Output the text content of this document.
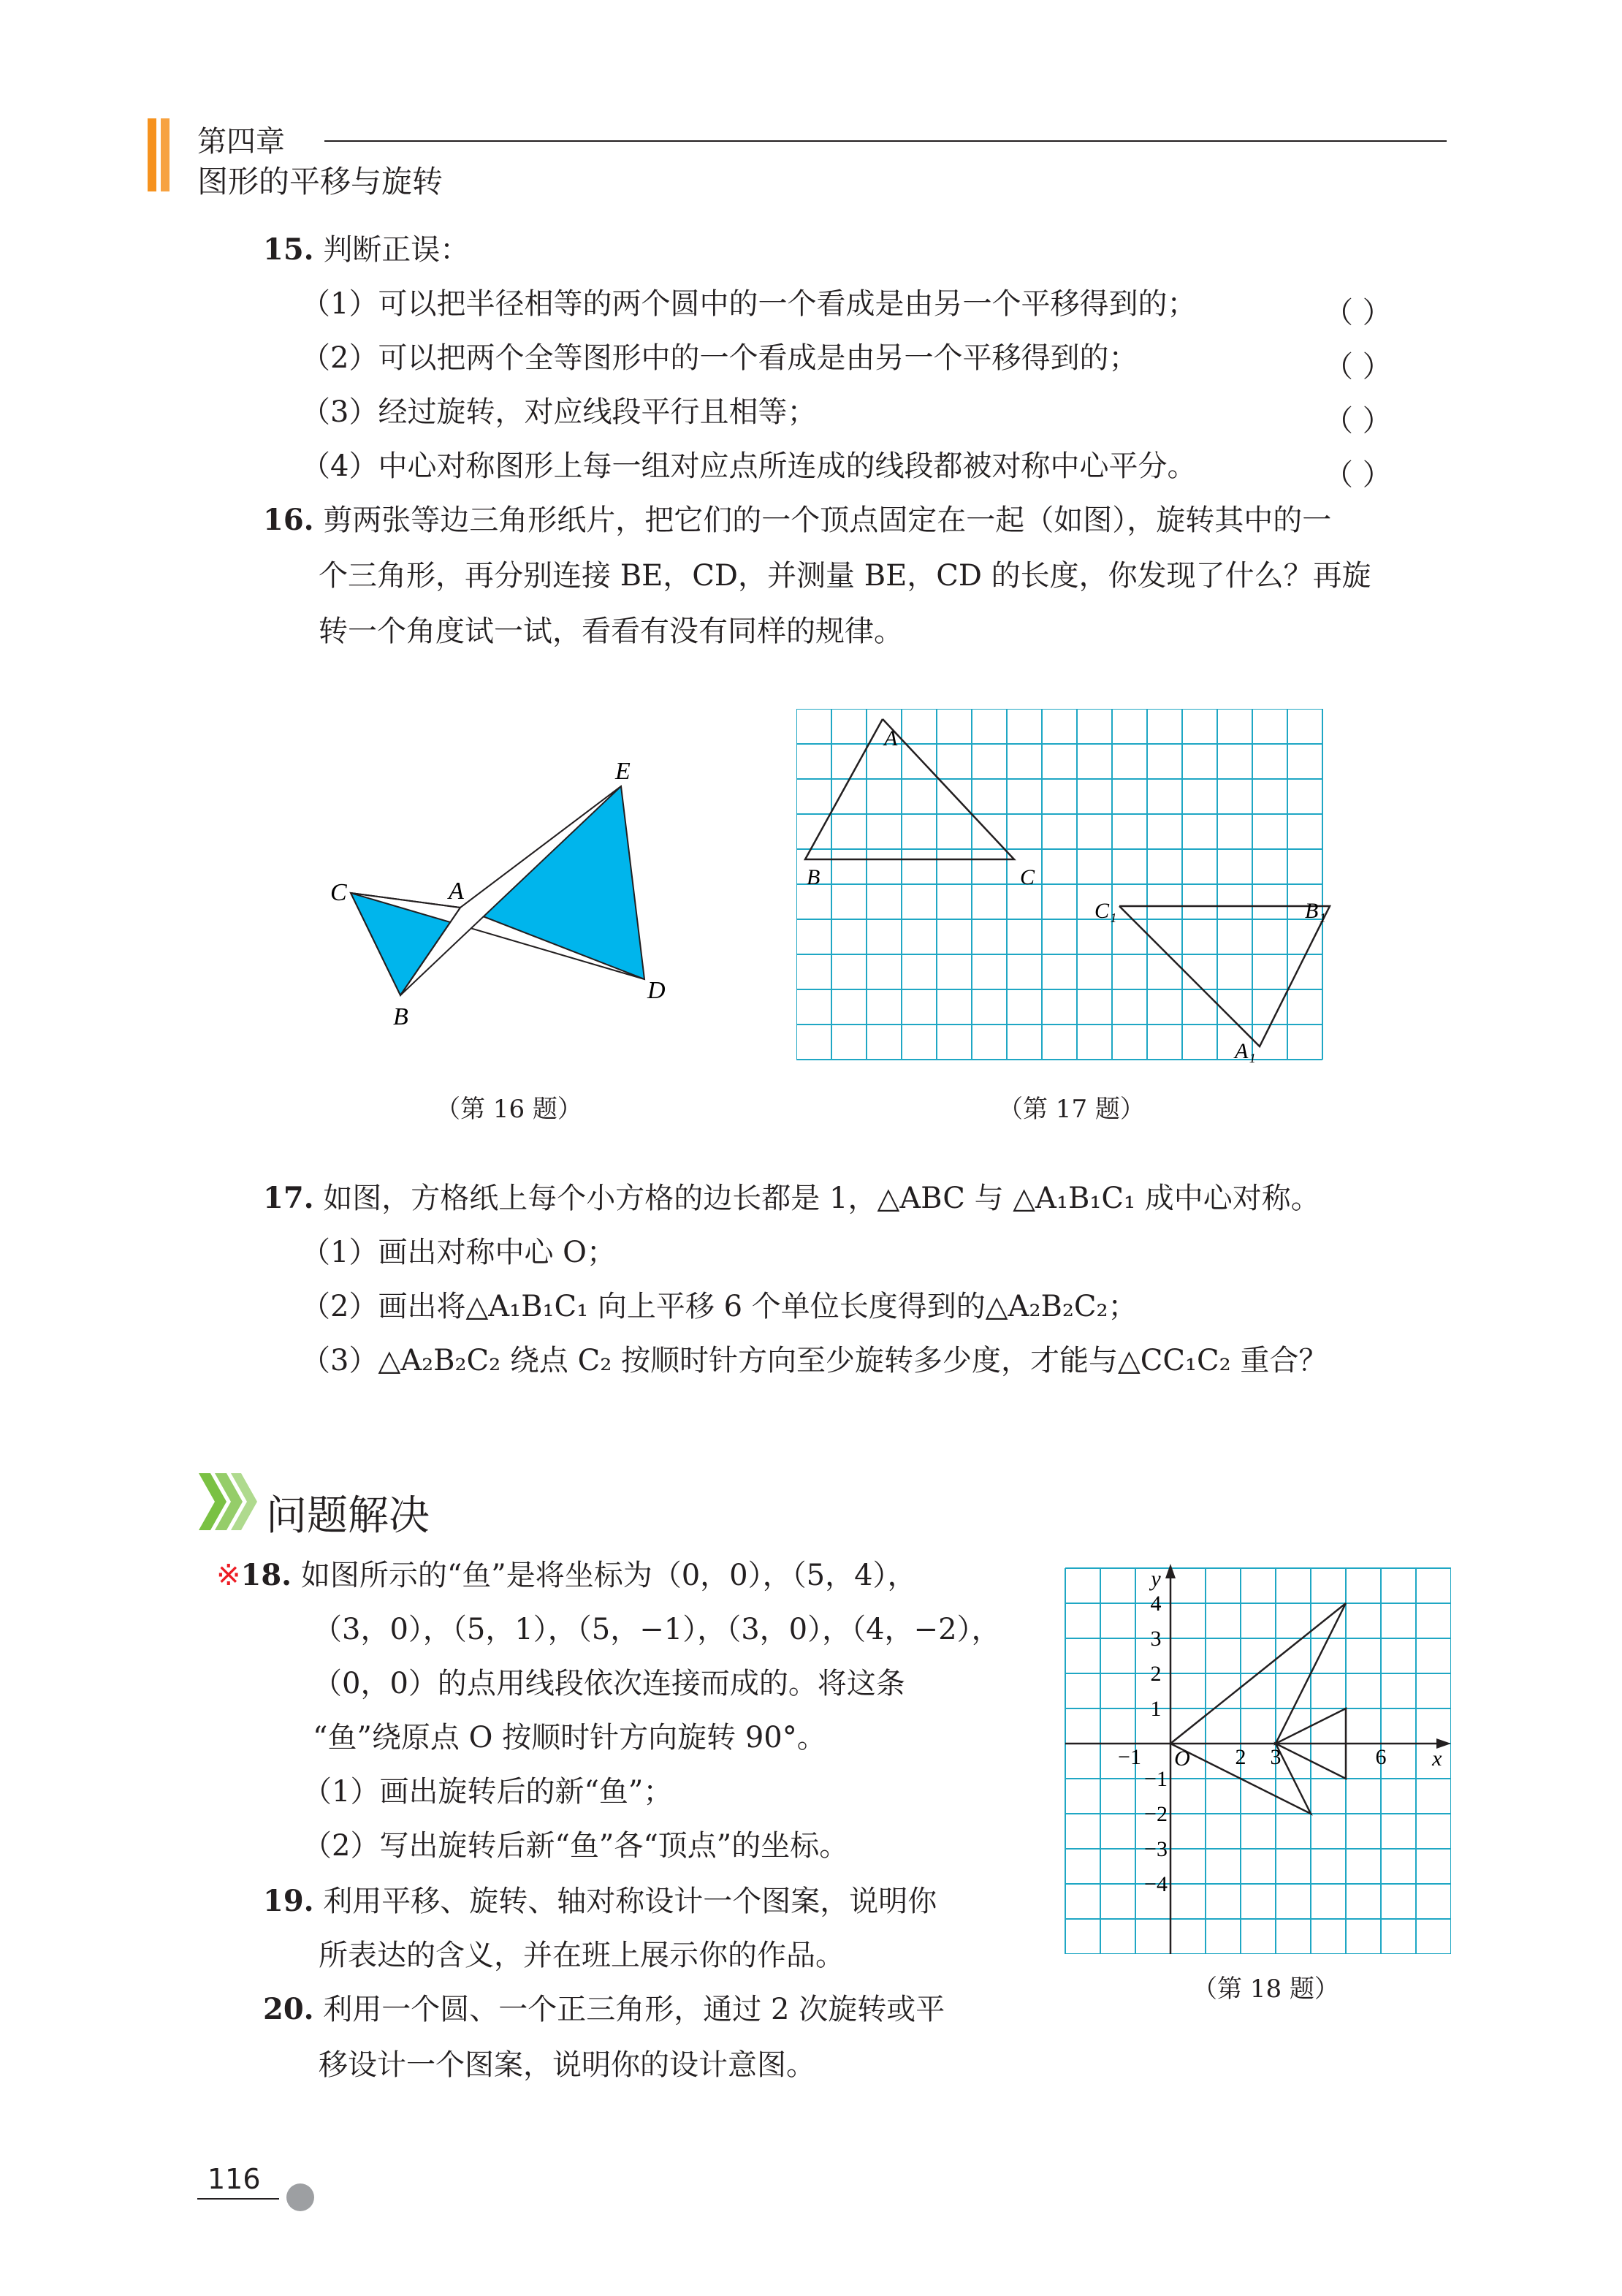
第四章
图形的平移与旋转
15. 判断正误：
（1）可以把半径相等的两个圆中的一个看成是由另一个平移得到的；
（2）可以把两个全等图形中的一个看成是由另一个平移得到的；
（3）经过旋转，对应线段平行且相等；
（4）中心对称图形上每一组对应点所连成的线段都被对称中心平分。
（ ）
（ ）
（ ）
（ ）
16. 剪两张等边三角形纸片，把它们的一个顶点固定在一起（如图），旋转其中的一
个三角形，再分别连接 BE，CD，并测量 BE，CD 的长度，你发现了什么？再旋
转一个角度试一试，看看有没有同样的规律。
C	A
B
D
E
（第 16 题）
A
B	C
C₁	B₁
A₁
（第 17 题）
17. 如图，方格纸上每个小方格的边长都是 1，△ABC 与 △A₁B₁C₁ 成中心对称。
（1）画出对称中心 O；
（2）画出将△A₁B₁C₁ 向上平移 6 个单位长度得到的△A₂B₂C₂；
（3）△A₂B₂C₂ 绕点 C₂ 按顺时针方向至少旋转多少度，才能与△CC₁C₂ 重合？
问题解决
※18. 如图所示的“鱼”是将坐标为（0，0），（5，4），
（3，0），（5，1），（5，−1），（3，0），（4，−2），
（0，0）的点用线段依次连接而成的。将这条
“鱼”绕原点 O 按顺时针方向旋转 90°。
（1）画出旋转后的新“鱼”；
（2）写出旋转后新“鱼”各“顶点”的坐标。
19. 利用平移、旋转、轴对称设计一个图案，说明你
所表达的含义，并在班上展示你的作品。
20. 利用一个圆、一个正三角形，通过 2 次旋转或平
移设计一个图案，说明你的设计意图。
−1	2 3	6
4
3
2
1
−1
−2
−3
−4
O	x
y
（第 18 题）
116
